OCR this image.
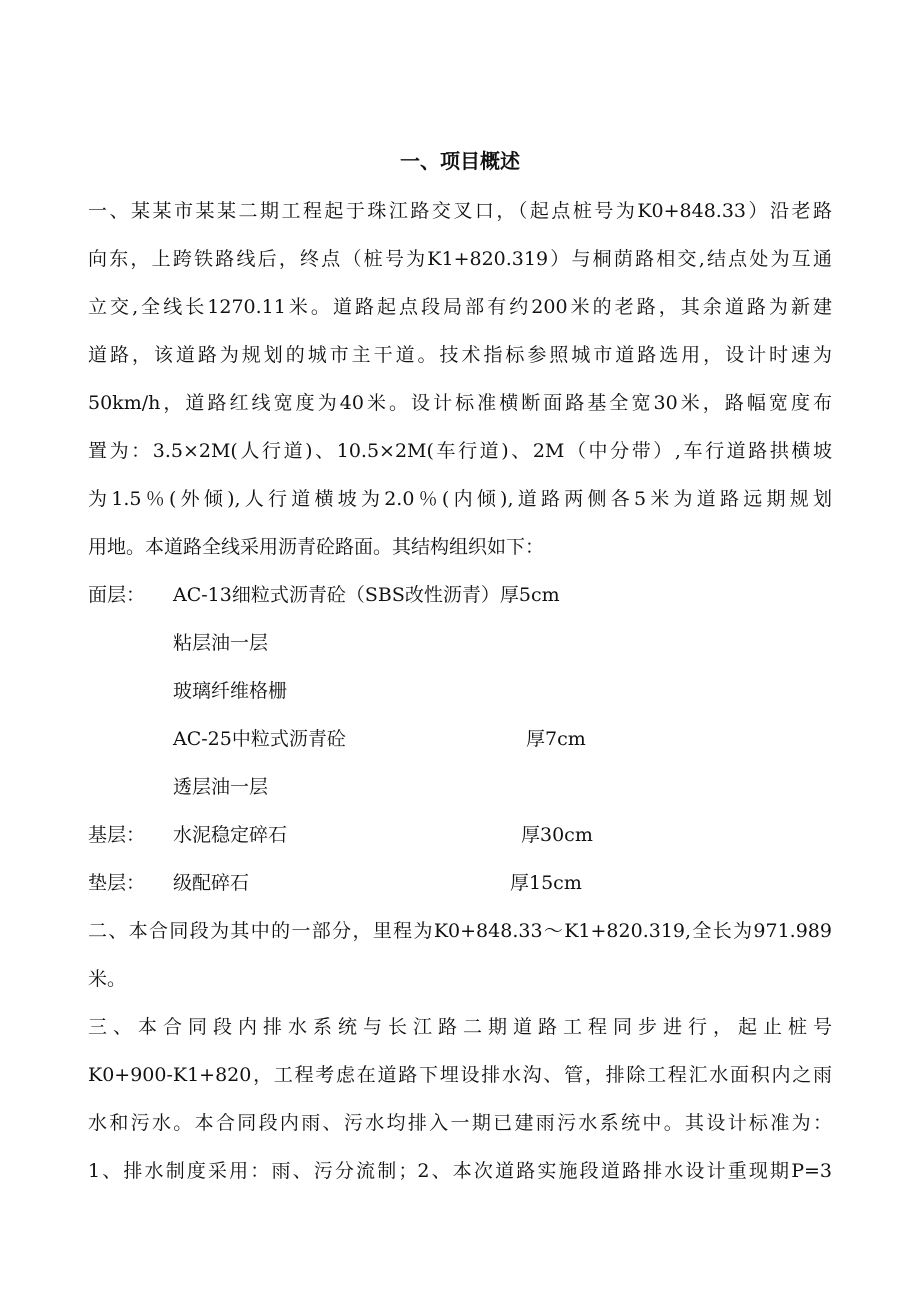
一、项目概述
一、某某市某某二期工程起于珠江路交叉口，（起点桩号为K0+848.33）沿老路
向东，上跨铁路线后，终点（桩号为K1+820.319）与桐荫路相交,结点处为互通
立交,全线长1270.11米。道路起点段局部有约200米的老路，其余道路为新建
道路，该道路为规划的城市主干道。技术指标参照城市道路选用，设计时速为
50km/h，道路红线宽度为40米。设计标准横断面路基全宽30米，路幅宽度布
置为：3.5×2M(人行道)、10.5×2M(车行道)、2M（中分带）,车行道路拱横坡
为1.5％(外倾),人行道横坡为2.0％(内倾),道路两侧各5米为道路远期规划
用地。本道路全线采用沥青砼路面。其结构组织如下：
面层： AC-13细粒式沥青砼（SBS改性沥青）厚5cm
粘层油一层
玻璃纤维格栅
AC-25中粒式沥青砼	厚7cm
透层油一层
基层： 水泥稳定碎石	厚30cm
垫层： 级配碎石	厚15cm
二、本合同段为其中的一部分，里程为K0+848.33～K1+820.319,全长为971.989
米。
三、本合同段内排水系统与长江路二期道路工程同步进行，起止桩号
K0+900-K1+820，工程考虑在道路下埋设排水沟、管，排除工程汇水面积内之雨
水和污水。本合同段内雨、污水均排入一期已建雨污水系统中。其设计标准为：
1、排水制度采用：雨、污分流制；2、本次道路实施段道路排水设计重现期P=3
